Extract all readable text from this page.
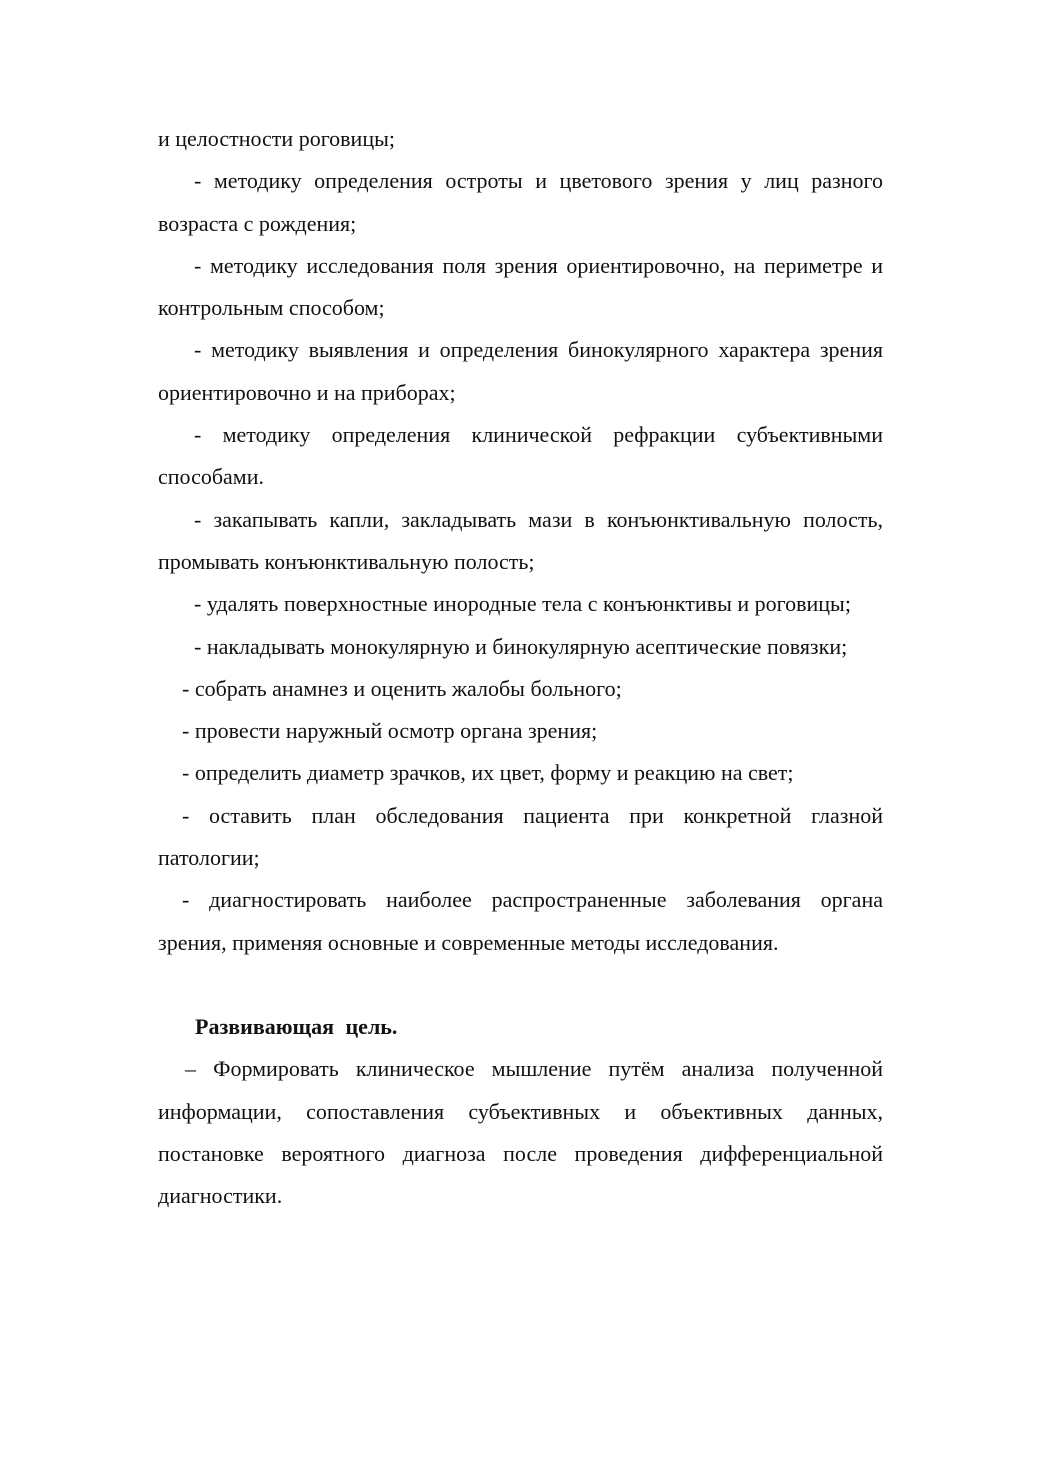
и целостности роговицы;

- методику определения остроты и цветового зрения у лиц разного возраста с рождения;

- методику исследования поля зрения ориентировочно, на периметре и контрольным способом;

- методику выявления и определения бинокулярного характера зрения ориентировочно и на приборах;

- методику определения клинической рефракции субъективными способами.

- закапывать капли, закладывать мази в конъюнктивальную полость, промывать конъюнктивальную полость;

- удалять поверхностные инородные тела с конъюнктивы и роговицы;

- накладывать монокулярную и бинокулярную асептические повязки;

- собрать анамнез и оценить жалобы больного;

- провести наружный осмотр органа зрения;

- определить диаметр зрачков, их цвет, форму и реакцию на свет;

- оставить план обследования пациента при конкретной глазной патологии;

- диагностировать наиболее распространенные заболевания органа зрения, применяя основные и современные методы исследования.

Развивающая цель.

– Формировать клиническое мышление путём анализа полученной информации, сопоставления субъективных и объективных данных, постановке вероятного диагноза после проведения дифференциальной диагностики.
